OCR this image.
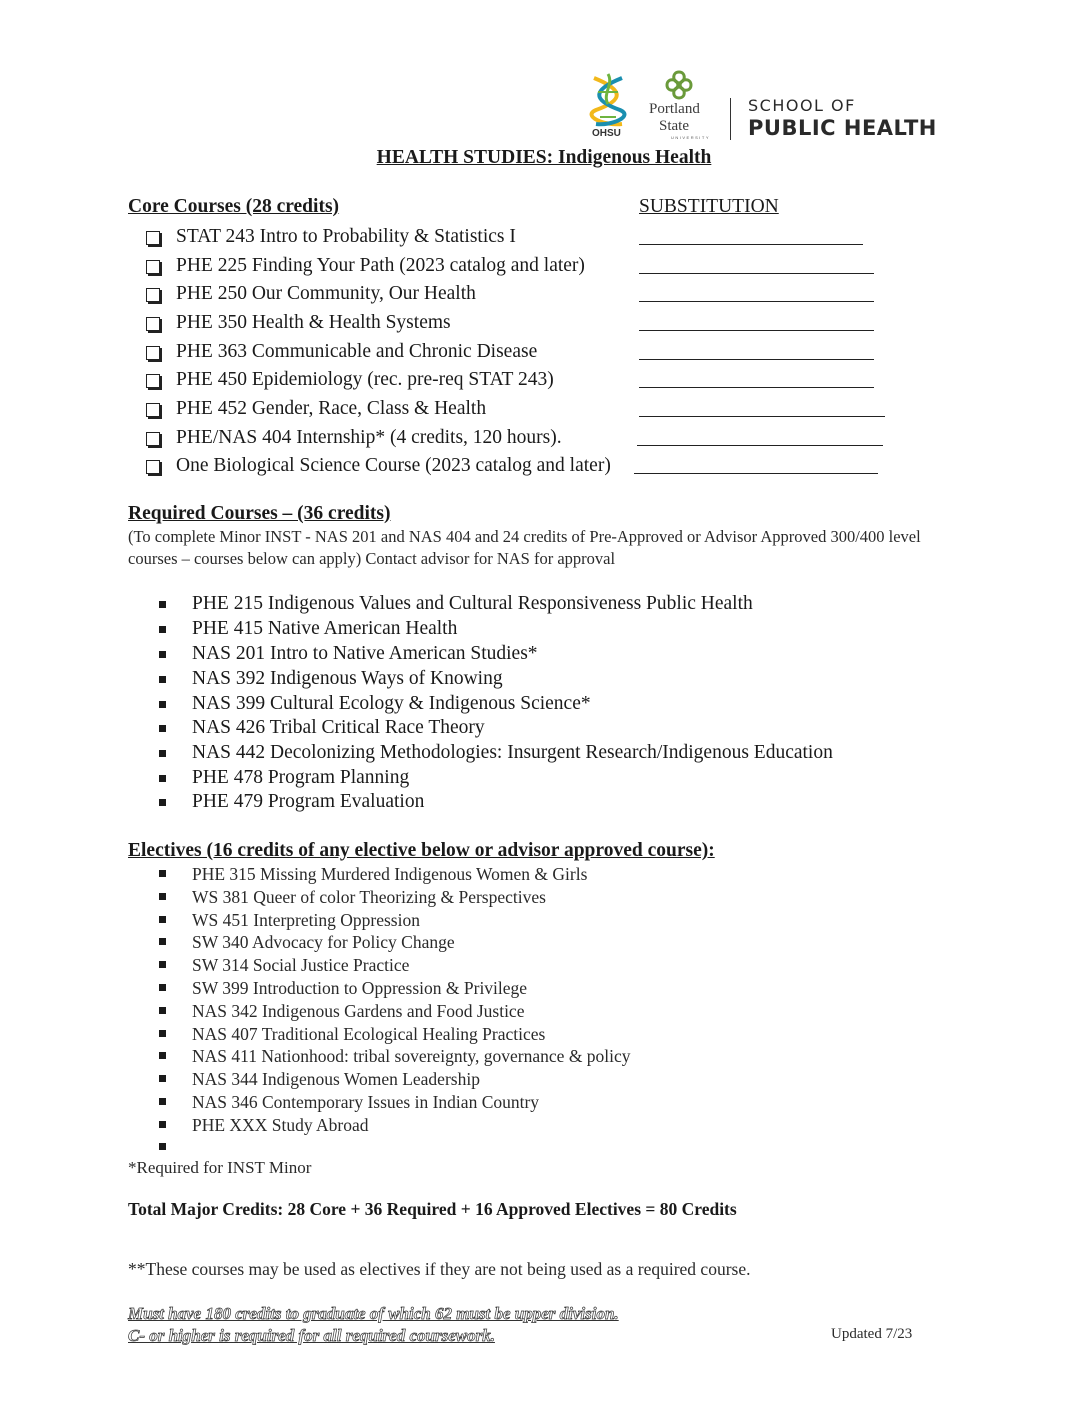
OHSU
Portland
State
UNIVERSITY
SCHOOL OF
PUBLIC HEALTH
HEALTH STUDIES: Indigenous Health
Core Courses (28 credits)	SUBSTITUTION
STAT 243 Intro to Probability & Statistics I
PHE 225 Finding Your Path (2023 catalog and later)
PHE 250 Our Community, Our Health
PHE 350 Health & Health Systems
PHE 363 Communicable and Chronic Disease
PHE 450 Epidemiology (rec. pre-req STAT 243)
PHE 452 Gender, Race, Class & Health
PHE/NAS 404 Internship* (4 credits, 120 hours).
One Biological Science Course (2023 catalog and later)
Required Courses – (36 credits)
(To complete Minor INST - NAS 201 and NAS 404 and 24 credits of Pre-Approved or Advisor Approved 300/400 level courses – courses below can apply) Contact advisor for NAS for approval
PHE 215 Indigenous Values and Cultural Responsiveness Public Health
PHE 415 Native American Health
NAS 201 Intro to Native American Studies*
NAS 392 Indigenous Ways of Knowing
NAS 399 Cultural Ecology & Indigenous Science*
NAS 426 Tribal Critical Race Theory
NAS 442 Decolonizing Methodologies: Insurgent Research/Indigenous Education
PHE 478 Program Planning
PHE 479 Program Evaluation
Electives (16 credits of any elective below or advisor approved course):
PHE 315 Missing Murdered Indigenous Women & Girls
WS 381 Queer of color Theorizing & Perspectives
WS 451 Interpreting Oppression
SW 340 Advocacy for Policy Change
SW 314 Social Justice Practice
SW 399 Introduction to Oppression & Privilege
NAS 342 Indigenous Gardens and Food Justice
NAS 407 Traditional Ecological Healing Practices
NAS 411 Nationhood: tribal sovereignty, governance & policy
NAS 344 Indigenous Women Leadership
NAS 346 Contemporary Issues in Indian Country
PHE XXX Study Abroad
*Required for INST Minor
Total Major Credits: 28 Core + 36 Required + 16 Approved Electives = 80 Credits
**These courses may be used as electives if they are not being used as a required course.
Must have 180 credits to graduate of which 62 must be upper division.
C- or higher is required for all required coursework.	Updated 7/23
